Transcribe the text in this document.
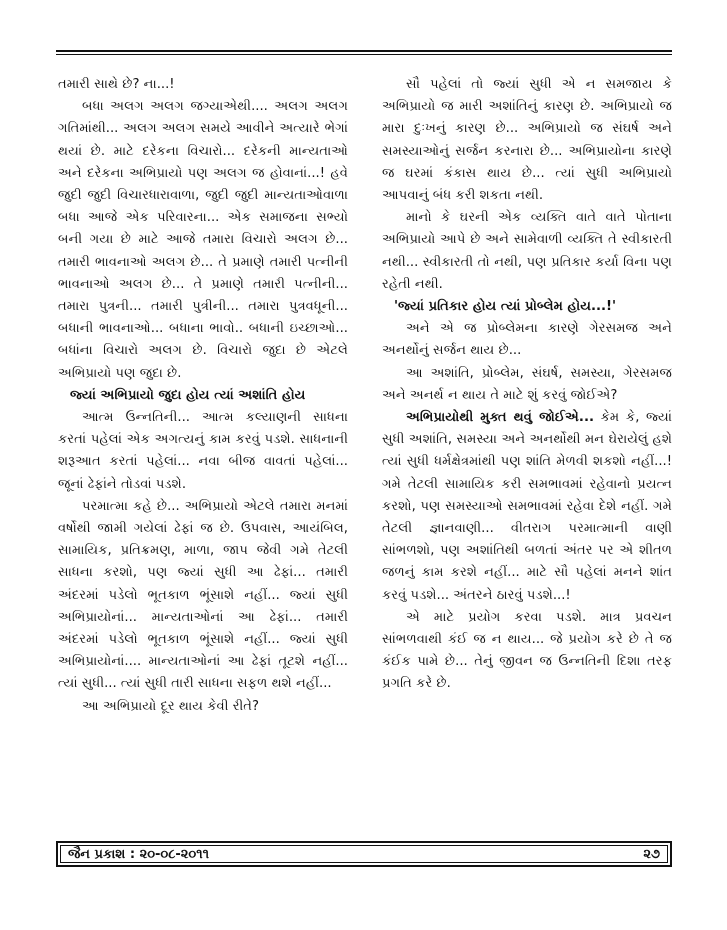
તમારી સાથે છે? ના...!

બધા અલગ અલગ જગ્યાએથી.... અલગ અલગ ગતિમાંથી... અલગ અલગ સમયે આવીને અત્યારે ભેગાં થયાં છે. માટે દરેકના વિચારો... દરેકની માન્યતાઓ અને દરેકના અભિપ્રાયો પણ અલગ જ હોવાનાં...! હવે જુદી જુદી વિચારધારાવાળા, જુદી જુદી માન્યતાઓવાળા બધા આજે એક પરિવારના... એક સમાજના સભ્યો બની ગયા છે માટે આજે તમારા વિચારો અલગ છે... તમારી ભાવનાઓ અલગ છે... તે પ્રમાણે તમારી પત્નીની ભાવનાઓ અલગ છે... તે પ્રમાણે તમારી પત્નીની... તમારા પુત્રની... તમારી પુત્રીની... તમારા પુત્રવધૂની... બધાની ભાવનાઓ... બધાના ભાવો.. બધાની ઇચ્છાઓ... બધાંના વિચારો અલગ છે. વિચારો જુદા છે એટલે અભિપ્રાયો પણ જુદા છે.

જ્યાં અભિપ્રાયો જુદા હોય ત્યાં અશાંતિ હોય

આત્મ ઉન્નતિની... આત્મ કલ્યાણની સાધના કરતાં પહેલાં એક અગત્યનું કામ કરવું પડશે. સાધનાની શરૂઆત કરતાં પહેલાં... નવા બીજ વાવતાં પહેલાં... જૂનાં ઢેફાંને તોડવાં પડશે.

પરમાત્મા કહે છે... અભિપ્રાયો એટલે તમારા મનમાં વર્ષોથી જામી ગયેલાં ઢેફાં જ છે. ઉપવાસ, આયંબિલ, સામાયિક, પ્રતિક્રમણ, માળા, જાપ જેવી ગમે તેટલી સાધના કરશો, પણ જ્યાં સુધી આ ઢેફાં... તમારી અંદરમાં પડેલો ભૂતકાળ ભૂંસાશે નહીં... જ્યાં સુધી અભિપ્રાયોનાં... માન્યતાઓનાં આ ઢેફાં... તમારી અંદરમાં પડેલો ભૂતકાળ ભૂંસાશે નહીં... જ્યાં સુધી અભિપ્રાયોનાં.... માન્યતાઓનાં આ ઢેફાં તૂટશે નહીં... ત્યાં સુધી... ત્યાં સુધી તારી સાધના સફળ થશે નહીં...

આ અભિપ્રાયો દૂર થાય કેવી રીતે?

સૌ પહેલાં તો જ્યાં સુધી એ ન સમજાય કે અભિપ્રાયો જ મારી અશાંતિનું કારણ છે. અભિપ્રાયો જ મારા દુઃખનું કારણ છે... અભિપ્રાયો જ સંઘર્ષ અને સમસ્યાઓનું સર્જન કરનારા છે... અભિપ્રાયોના કારણે જ ઘરમાં કંકાસ થાય છે... ત્યાં સુધી અભિપ્રાયો આપવાનું બંધ કરી શકતા નથી.

માનો કે ઘરની એક વ્યક્તિ વાતે વાતે પોતાના અભિપ્રાયો આપે છે અને સામેવાળી વ્યક્તિ તે સ્વીકારતી નથી... સ્વીકારતી તો નથી, પણ પ્રતિકાર કર્યા વિના પણ રહેતી નથી.

'જ્યાં પ્રતિકાર હોય ત્યાં પ્રોબ્લેમ હોય...!'

અને એ જ પ્રોબ્લેમના કારણે ગેરસમજ અને અનર્થોનું સર્જન થાય છે...

આ અશાંતિ, પ્રોબ્લેમ, સંઘર્ષ, સમસ્યા, ગેરસમજ અને અનર્થ ન થાય તે માટે શું કરવું જોઈએ?

અભિપ્રાયોથી મુક્ત થવું જોઈએ... કેમ કે, જ્યાં સુધી અશાંતિ, સમસ્યા અને અનર્થોથી મન ઘેરાયેલું હશે ત્યાં સુધી ધર્મક્ષેત્રમાંથી પણ શાંતિ મેળવી શકશો નહીં...! ગમે તેટલી સામાયિક કરી સમભાવમાં રહેવાનો પ્રયત્ન કરશો, પણ સમસ્યાઓ સમભાવમાં રહેવા દેશે નહીં. ગમે તેટલી જ્ઞાનવાણી... વીતરાગ પરમાત્માની વાણી સાંભળશો, પણ અશાંતિથી બળતાં અંતર પર એ શીતળ જળનું કામ કરશે નહીં... માટે સૌ પહેલાં મનને શાંત કરવું પડશે... અંતરને ઠારવું પડશે...!

એ માટે પ્રયોગ કરવા પડશે. માત્ર પ્રવચન સાંભળવાથી કંઈ જ ન થાય... જે પ્રયોગ કરે છે તે જ કંઈક પામે છે... તેનું જીવન જ ઉન્નતિની દિશા તરફ પ્રગતિ કરે છે.

જૈન પ્રકાશ : ૨૦-૦૮-૨૦૧૧	૨૭
